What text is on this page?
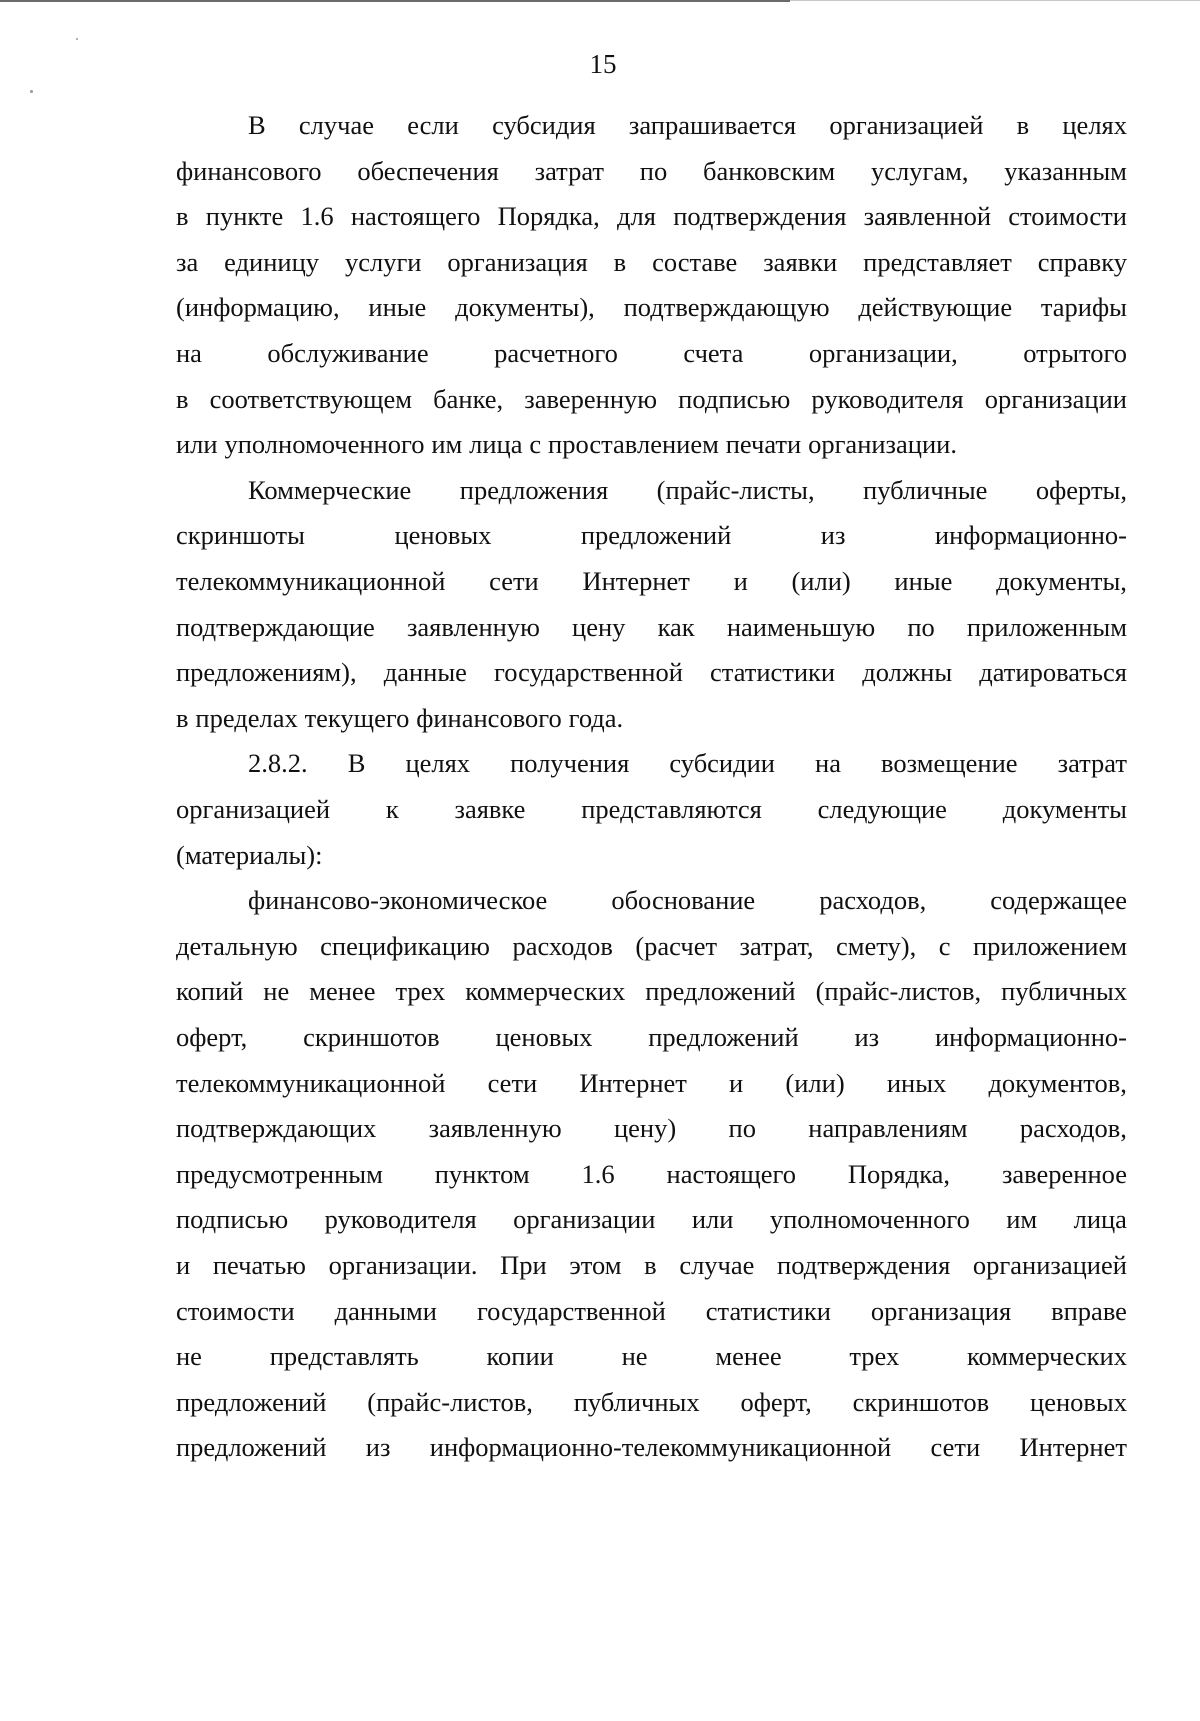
15
В случае если субсидия запрашивается организацией в целях
финансового обеспечения затрат по банковским услугам, указанным
в пункте 1.6 настоящего Порядка, для подтверждения заявленной стоимости
за единицу услуги организация в составе заявки представляет справку
(информацию, иные документы), подтверждающую действующие тарифы
на обслуживание расчетного счета организации, отрытого
в соответствующем банке, заверенную подписью руководителя организации
или уполномоченного им лица с проставлением печати организации.
Коммерческие предложения (прайс-листы, публичные оферты,
скриншоты	ценовых	предложений	из	информационно-
телекоммуникационной сети Интернет и (или) иные документы,
подтверждающие заявленную цену как наименьшую по приложенным
предложениям), данные государственной статистики должны датироваться
в пределах текущего финансового года.
2.8.2. В целях получения субсидии на возмещение затрат
организацией к заявке представляются следующие документы
(материалы):
финансово-экономическое обоснование расходов, содержащее
детальную спецификацию расходов (расчет затрат, смету), с приложением
копий не менее трех коммерческих предложений (прайс-листов, публичных
оферт, скриншотов ценовых предложений из информационно-
телекоммуникационной сети Интернет и (или) иных документов,
подтверждающих заявленную цену) по направлениям расходов,
предусмотренным пунктом 1.6 настоящего Порядка, заверенное
подписью руководителя организации или уполномоченного им лица
и печатью организации. При этом в случае подтверждения организацией
стоимости данными государственной статистики организация вправе
не	представлять	копии	не	менее	трех	коммерческих
предложений (прайс-листов, публичных оферт, скриншотов ценовых
предложений из информационно-телекоммуникационной сети Интернет
